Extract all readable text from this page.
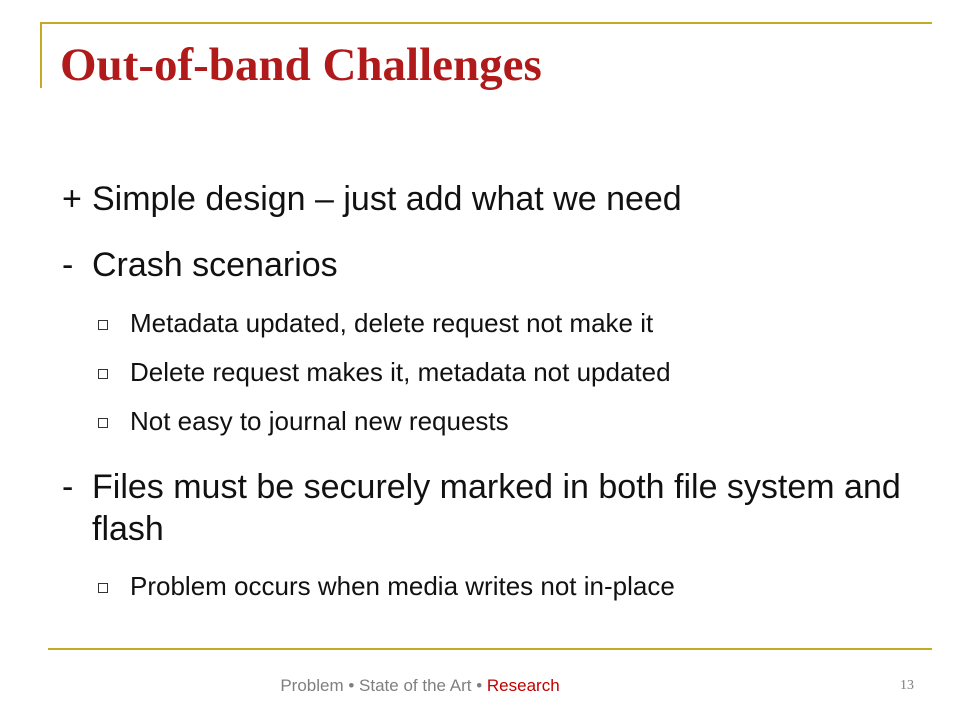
Out-of-band Challenges
+ Simple design – just add what we need
- Crash scenarios
Metadata updated, delete request not make it
Delete request makes it, metadata not updated
Not easy to journal new requests
- Files must be securely marked in both file system and flash
Problem occurs when media writes not in-place
Problem • State of the Art • Research	13
